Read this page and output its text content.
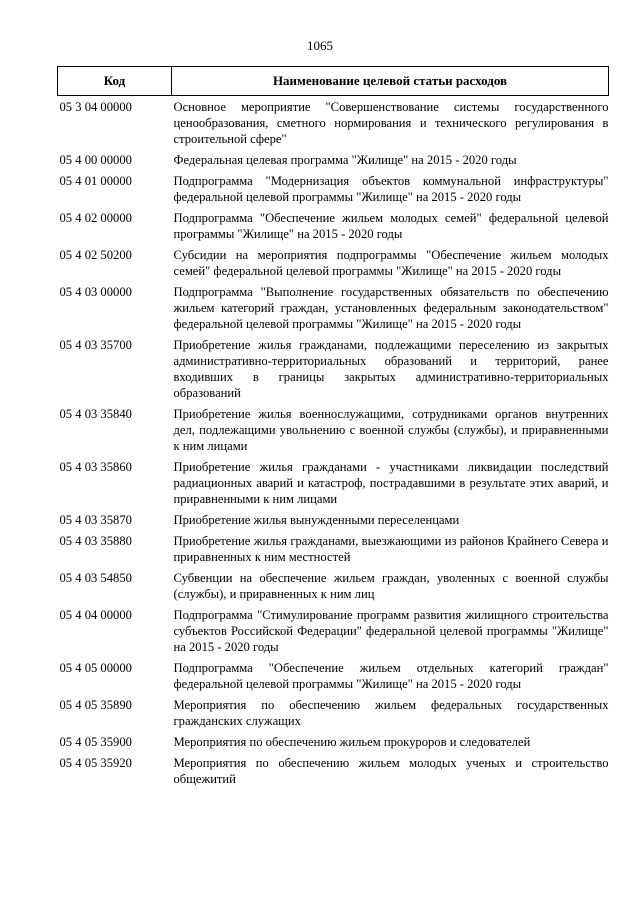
1065
Код	Наименование целевой статьи расходов
05 3 04 00000	Основное мероприятие "Совершенствование системы государственного ценообразования, сметного нормирования и технического регулирования в строительной сфере"
05 4 00 00000	Федеральная целевая программа "Жилище" на 2015 - 2020 годы
05 4 01 00000	Подпрограмма "Модернизация объектов коммунальной инфраструктуры" федеральной целевой программы "Жилище" на 2015 - 2020 годы
05 4 02 00000	Подпрограмма "Обеспечение жильем молодых семей" федеральной целевой программы "Жилище" на 2015 - 2020 годы
05 4 02 50200	Субсидии на мероприятия подпрограммы "Обеспечение жильем молодых семей" федеральной целевой программы "Жилище" на 2015 - 2020 годы
05 4 03 00000	Подпрограмма "Выполнение государственных обязательств по обеспечению жильем категорий граждан, установленных федеральным законодательством" федеральной целевой программы "Жилище" на 2015 - 2020 годы
05 4 03 35700	Приобретение жилья гражданами, подлежащими переселению из закрытых административно-территориальных образований и территорий, ранее входивших в границы закрытых административно-территориальных образований
05 4 03 35840	Приобретение жилья военнослужащими, сотрудниками органов внутренних дел, подлежащими увольнению с военной службы (службы), и приравненными к ним лицами
05 4 03 35860	Приобретение жилья гражданами - участниками ликвидации последствий радиационных аварий и катастроф, пострадавшими в результате этих аварий, и приравненными к ним лицами
05 4 03 35870	Приобретение жилья вынужденными переселенцами
05 4 03 35880	Приобретение жилья гражданами, выезжающими из районов Крайнего Севера и приравненных к ним местностей
05 4 03 54850	Субвенции на обеспечение жильем граждан, уволенных с военной службы (службы), и приравненных к ним лиц
05 4 04 00000	Подпрограмма "Стимулирование программ развития жилищного строительства субъектов Российской Федерации" федеральной целевой программы "Жилище" на 2015 - 2020 годы
05 4 05 00000	Подпрограмма "Обеспечение жильем отдельных категорий граждан" федеральной целевой программы "Жилище" на 2015 - 2020 годы
05 4 05 35890	Мероприятия по обеспечению жильем федеральных государственных гражданских служащих
05 4 05 35900	Мероприятия по обеспечению жильем прокуроров и следователей
05 4 05 35920	Мероприятия по обеспечению жильем молодых ученых и строительство общежитий
